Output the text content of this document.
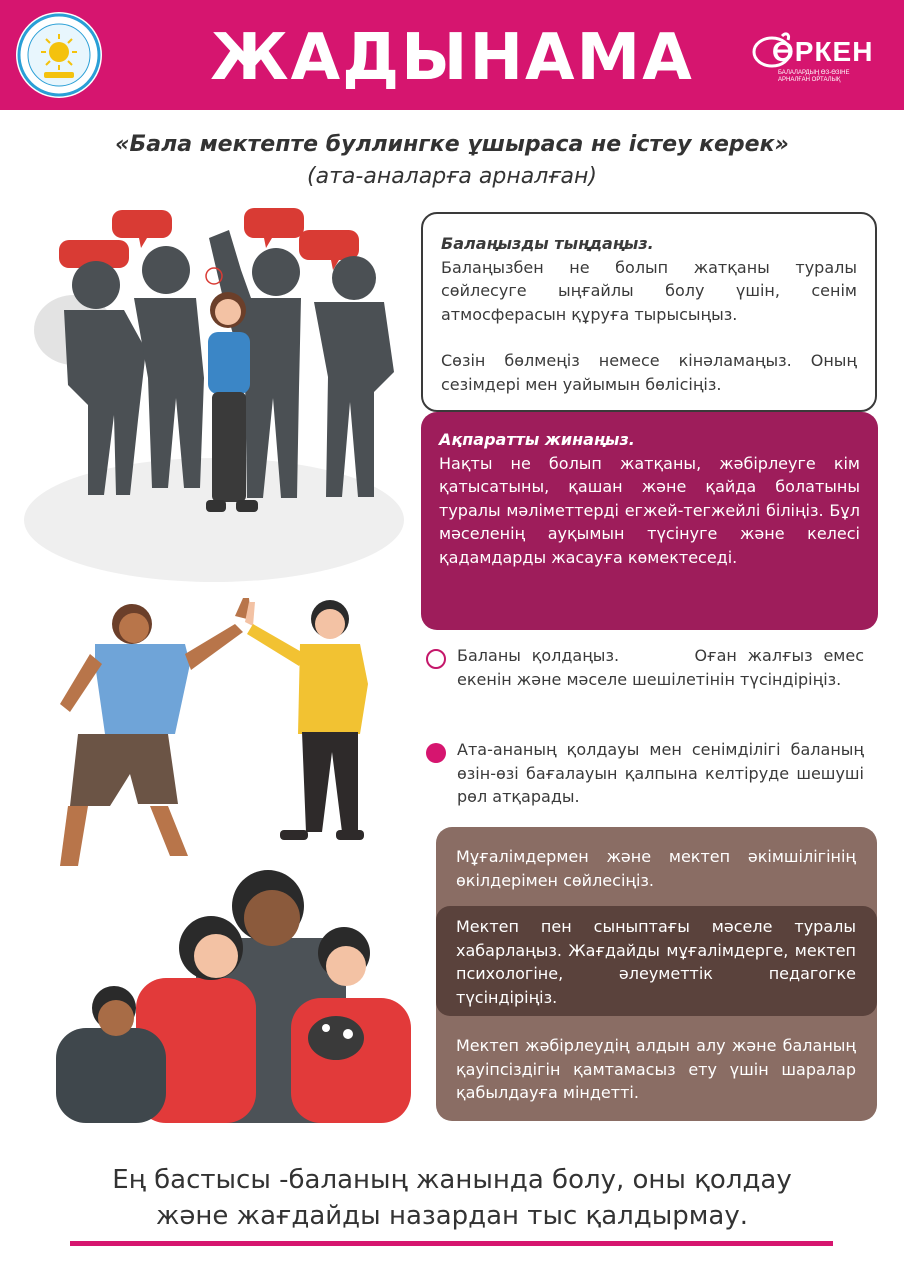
ЖАДЫНАМА	ӨРКЕН
БАЛАЛАРДЫҢ ӨЗ-ӨЗІНЕ АРНАЛҒАН ОРТАЛЫҚ
«Бала мектепте буллингке ұшыраса не істеу керек»
(ата-аналарға арналған)
Балаңызды тыңдаңыз.

Балаңызбен не болып жатқаны туралы сөйлесуге ыңғайлы болу үшін, сенім атмосферасын құруға тырысыңыз.

Сөзін бөлмеңіз немесе кінәламаңыз. Оның сезімдері мен уайымын бөлісіңіз.

Ақпаратты жинаңыз.

Нақты не болып жатқаны, жәбірлеуге кім қатысатыны, қашан және қайда болатыны туралы мәліметтерді егжей-тегжейлі біліңіз. Бұл мәселенің ауқымын түсінуге және келесі қадамдарды жасауға көмектеседі.

Баланы қолдаңыз.       Оған жалғыз емес екенін және мәселе шешілетінін түсіндіріңіз.
Ата-ананың қолдауы мен сенімділігі баланың өзін-өзі бағалауын қалпына келтіруде шешуші рөл атқарады.
Мұғалімдермен және мектеп әкімшілігінің өкілдерімен сөйлесіңіз.
Мектеп пен сыныптағы мәселе туралы хабарлаңыз. Жағдайды мұғалімдерге, мектеп психологіне, әлеуметтік педагогке түсіндіріңіз.
Мектеп жәбірлеудің алдын алу және баланың қауіпсіздігін қамтамасыз ету үшін шаралар қабылдауға міндетті.
Ең бастысы -баланың жанында болу, оны қолдау
және жағдайды назардан тыс қалдырмау.
